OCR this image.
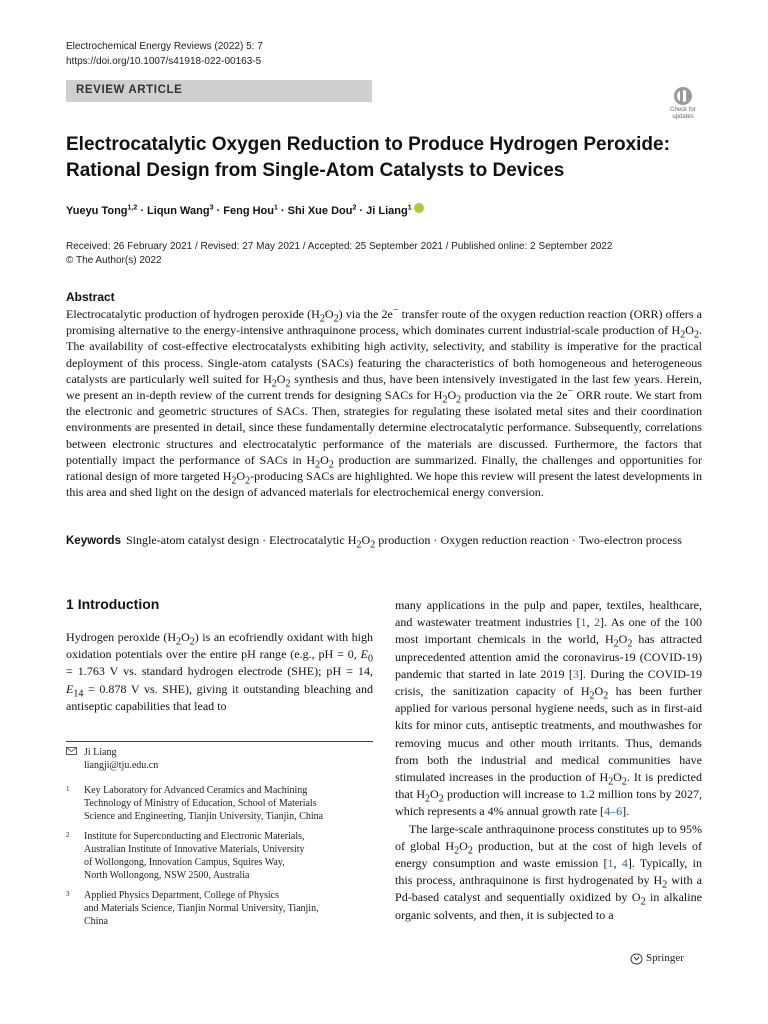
Electrochemical Energy Reviews (2022) 5: 7
https://doi.org/10.1007/s41918-022-00163-5
REVIEW ARTICLE
Check for
updates
Electrocatalytic Oxygen Reduction to Produce Hydrogen Peroxide:
Rational Design from Single-Atom Catalysts to Devices
Yueyu Tong$^{1,2}$ · Liqun Wang$^3$ · Feng Hou$^1$ · Shi Xue Dou$^2$ · Ji Liang$^1$
Received: 26 February 2021 / Revised: 27 May 2021 / Accepted: 25 September 2021 / Published online: 2 September 2022
© The Author(s) 2022
Abstract
Electrocatalytic production of hydrogen peroxide $(H_2O_2)$ via the 2e− transfer route of the oxygen reduction reaction (ORR) offers a promising alternative to the energy-intensive anthraquinone process, which dominates current industrial-scale production of $H_2O_2$. The availability of cost-effective electrocatalysts exhibiting high activity, selectivity, and stability is imperative for the practical deployment of this process. Single-atom catalysts (SACs) featuring the characteristics of both homogeneous and heterogeneous catalysts are particularly well suited for $H_2O_2$ synthesis and thus, have been intensively investigated in the last few years. Herein, we present an in-depth review of the current trends for designing SACs for $H_2O_2$ production via the 2e− ORR route. We start from the electronic and geometric structures of SACs. Then, strategies for regulating these isolated metal sites and their coordination environments are presented in detail, since these fundamentally determine electrocatalytic performance. Subsequently, correlations between electronic structures and electrocatalytic performance of the materials are discussed. Furthermore, the factors that potentially impact the performance of SACs in $H_2O_2$ production are summarized. Finally, the challenges and opportunities for rational design of more targeted $H_2O_2$-producing SACs are highlighted. We hope this review will present the latest developments in this area and shed light on the design of advanced materials for electrochemical energy conversion.
Keywords Single-atom catalyst design · Electrocatalytic $H_2O_2$ production · Oxygen reduction reaction · Two-electron process
1 Introduction
Hydrogen peroxide $(H_2O_2)$ is an ecofriendly oxidant with high oxidation potentials over the entire pH range (e.g., pH = 0, $E_0 = 1.763$ V vs. standard hydrogen electrode (SHE); pH = 14, $E_{14} = 0.878$ V vs. SHE), giving it outstanding bleaching and antiseptic capabilities that lead to
Ji Liang
liangji@tju.edu.cn
1 Key Laboratory for Advanced Ceramics and Machining
Technology of Ministry of Education, School of Materials
Science and Engineering, Tianjin University, Tianjin, China
2 Institute for Superconducting and Electronic Materials,
Australian Institute of Innovative Materials, University
of Wollongong, Innovation Campus, Squires Way,
North Wollongong, NSW 2500, Australia
3 Applied Physics Department, College of Physics
and Materials Science, Tianjin Normal University, Tianjin,
China
many applications in the pulp and paper, textiles, healthcare, and wastewater treatment industries [1, 2]. As one of the 100 most important chemicals in the world, $H_2O_2$ has attracted unprecedented attention amid the coronavirus-19 (COVID-19) pandemic that started in late 2019 [3]. During the COVID-19 crisis, the sanitization capacity of $H_2O_2$ has been further applied for various personal hygiene needs, such as in first-aid kits for minor cuts, antiseptic treatments, and mouthwashes for removing mucus and other mouth irritants. Thus, demands from both the industrial and medical communities have stimulated increases in the production of $H_2O_2$. It is predicted that $H_2O_2$ production will increase to 1.2 million tons by 2027, which represents a 4% annual growth rate [4–6].
The large-scale anthraquinone process constitutes up to 95% of global $H_2O_2$ production, but at the cost of high levels of energy consumption and waste emission [1, 4]. Typically, in this process, anthraquinone is first hydrogenated by $H_2$ with a Pd-based catalyst and sequentially oxidized by $O_2$ in alkaline organic solvents, and then, it is subjected to a
Springer
